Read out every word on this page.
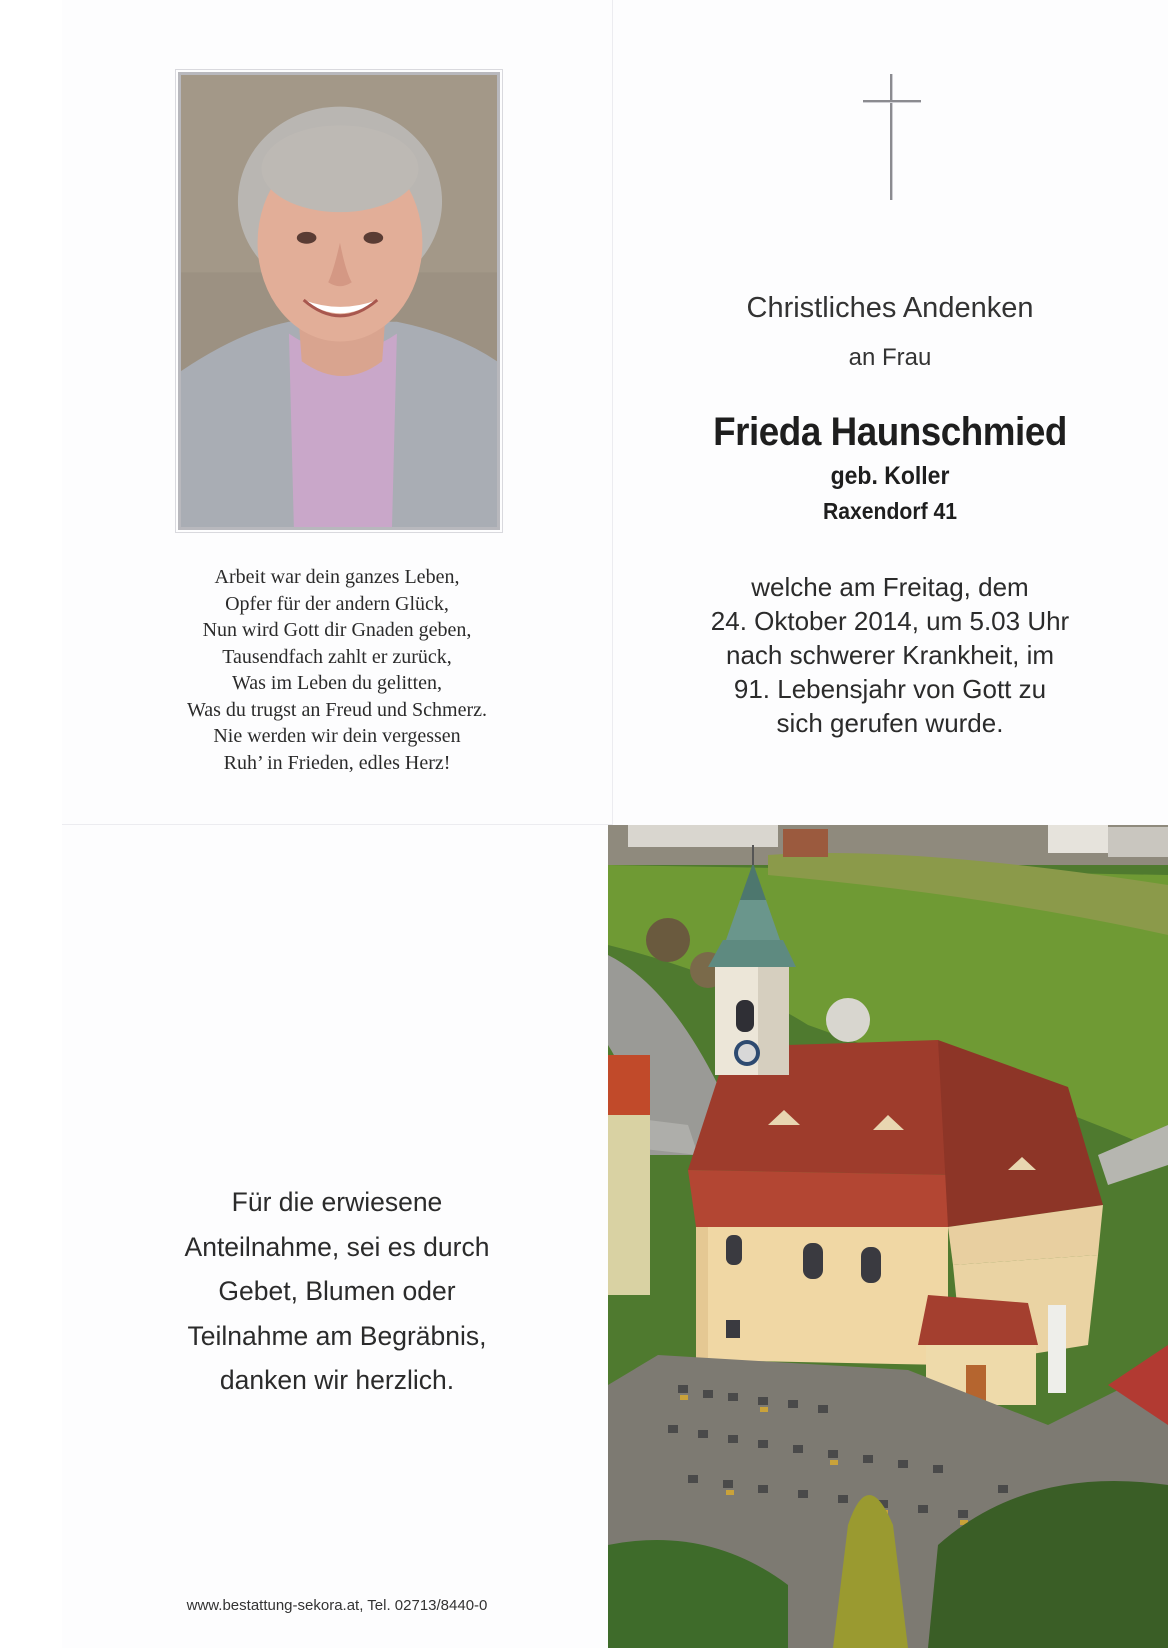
Arbeit war dein ganzes Leben,
Opfer für der andern Glück,
Nun wird Gott dir Gnaden geben,
Tausendfach zahlt er zurück,
Was im Leben du gelitten,
Was du trugst an Freud und Schmerz.
Nie werden wir dein vergessen
Ruh’ in Frieden, edles Herz!
Christliches Andenken
an Frau
Frieda Haunschmied
geb. Koller
Raxendorf 41
welche am Freitag, dem
24. Oktober 2014, um 5.03 Uhr
nach schwerer Krankheit, im
91. Lebensjahr von Gott zu
sich gerufen wurde.
Für die erwiesene
Anteilnahme, sei es durch
Gebet, Blumen oder
Teilnahme am Begräbnis,
danken wir herzlich.
www.bestattung-sekora.at, Tel. 02713/8440-0
